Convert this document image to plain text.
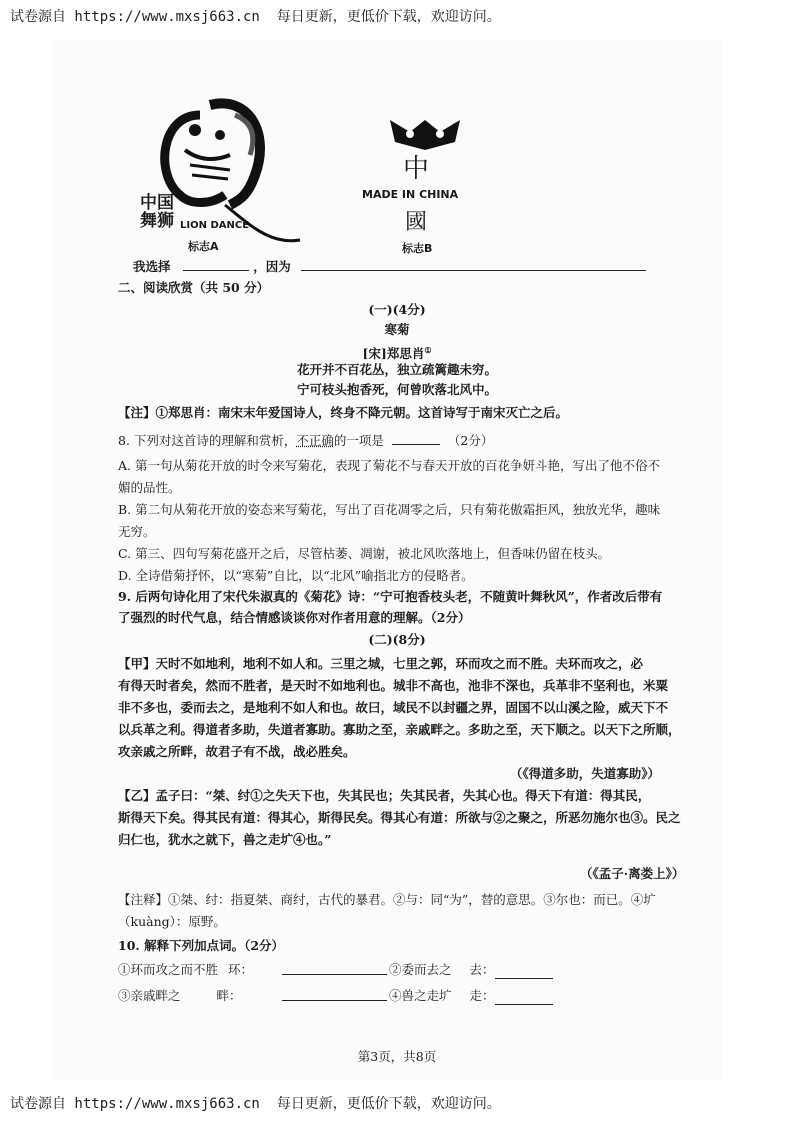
试卷源自 https://www.mxsj663.cn  每日更新，更低价下载，欢迎访问。
中国
舞狮 LION DANCE
标志A
中
MADE IN CHINA
國
标志B
我选择	，因为
二、阅读欣赏（共 50 分）
(一)(4分)
寒菊
[宋]郑思肖①
花开并不百花丛，独立疏篱趣未穷。
宁可枝头抱香死，何曾吹落北风中。
【注】①郑思肖：南宋末年爱国诗人，终身不降元朝。这首诗写于南宋灭亡之后。
8. 下列对这首诗的理解和赏析，不正确的一项是	（2分）
A. 第一句从菊花开放的时令来写菊花，表现了菊花不与春天开放的百花争妍斗艳，写出了他不俗不
媚的品性。
B. 第二句从菊花开放的姿态来写菊花，写出了百花凋零之后，只有菊花傲霜拒风，独放光华，趣味
无穷。
C. 第三、四句写菊花盛开之后，尽管枯萎、凋谢，被北风吹落地上，但香味仍留在枝头。
D. 全诗借菊抒怀，以“寒菊”自比，以“北风”喻指北方的侵略者。
9. 后两句诗化用了宋代朱淑真的《菊花》诗：“宁可抱香枝头老，不随黄叶舞秋风”，作者改后带有
了强烈的时代气息，结合情感谈谈你对作者用意的理解。（2分）
(二)(8分)
【甲】天时不如地利，地利不如人和。三里之城，七里之郭，环而攻之而不胜。夫环而攻之，必
有得天时者矣，然而不胜者，是天时不如地利也。城非不高也，池非不深也，兵革非不坚利也，米粟
非不多也，委而去之，是地利不如人和也。故曰，域民不以封疆之界，固国不以山溪之险，威天下不
以兵革之利。得道者多助，失道者寡助。寡助之至，亲戚畔之。多助之至，天下顺之。以天下之所顺，
攻亲戚之所畔，故君子有不战，战必胜矣。
（《得道多助，失道寡助》）
【乙】孟子曰：“桀、纣①之失天下也，失其民也；失其民者，失其心也。得天下有道：得其民，
斯得天下矣。得其民有道：得其心，斯得民矣。得其心有道：所欲与②之聚之，所恶勿施尔也③。民之
归仁也，犹水之就下，兽之走圹④也。”
（《孟子·离娄上》）
【注释】①桀、纣：指夏桀、商纣，古代的暴君。②与：同“为”，替的意思。③尔也：而已。④圹
（kuàng）：原野。
10. 解释下列加点词。（2分）
①环而攻之而不胜 环：	②委而去之 去：
③亲戚畔之	畔：	④兽之走圹 走：
第3页，共8页
试卷源自 https://www.mxsj663.cn  每日更新，更低价下载，欢迎访问。
